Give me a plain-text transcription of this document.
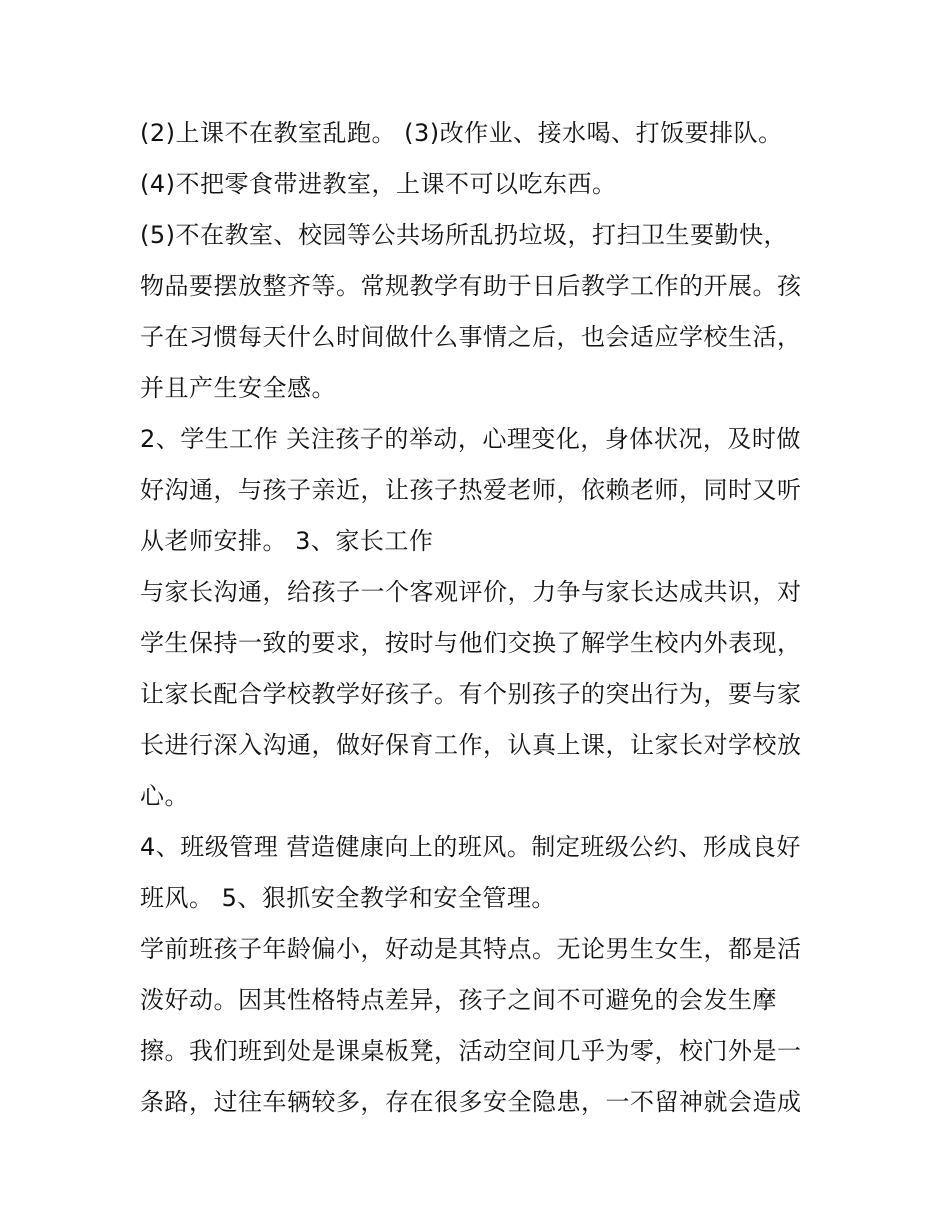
(2)上课不在教室乱跑。 (3)改作业、接水喝、打饭要排队。
(4)不把零食带进教室，上课不可以吃东西。
(5)不在教室、校园等公共场所乱扔垃圾，打扫卫生要勤快，
物品要摆放整齐等。常规教学有助于日后教学工作的开展。孩
子在习惯每天什么时间做什么事情之后，也会适应学校生活，
并且产生安全感。
2、学生工作 关注孩子的举动，心理变化，身体状况，及时做
好沟通，与孩子亲近，让孩子热爱老师，依赖老师，同时又听
从老师安排。 3、家长工作
与家长沟通，给孩子一个客观评价，力争与家长达成共识，对
学生保持一致的要求，按时与他们交换了解学生校内外表现，
让家长配合学校教学好孩子。有个别孩子的突出行为，要与家
长进行深入沟通，做好保育工作，认真上课，让家长对学校放
心。
4、班级管理 营造健康向上的班风。制定班级公约、形成良好
班风。 5、狠抓安全教学和安全管理。
学前班孩子年龄偏小，好动是其特点。无论男生女生，都是活
泼好动。因其性格特点差异，孩子之间不可避免的会发生摩
擦。我们班到处是课桌板凳，活动空间几乎为零，校门外是一
条路，过往车辆较多，存在很多安全隐患，一不留神就会造成
